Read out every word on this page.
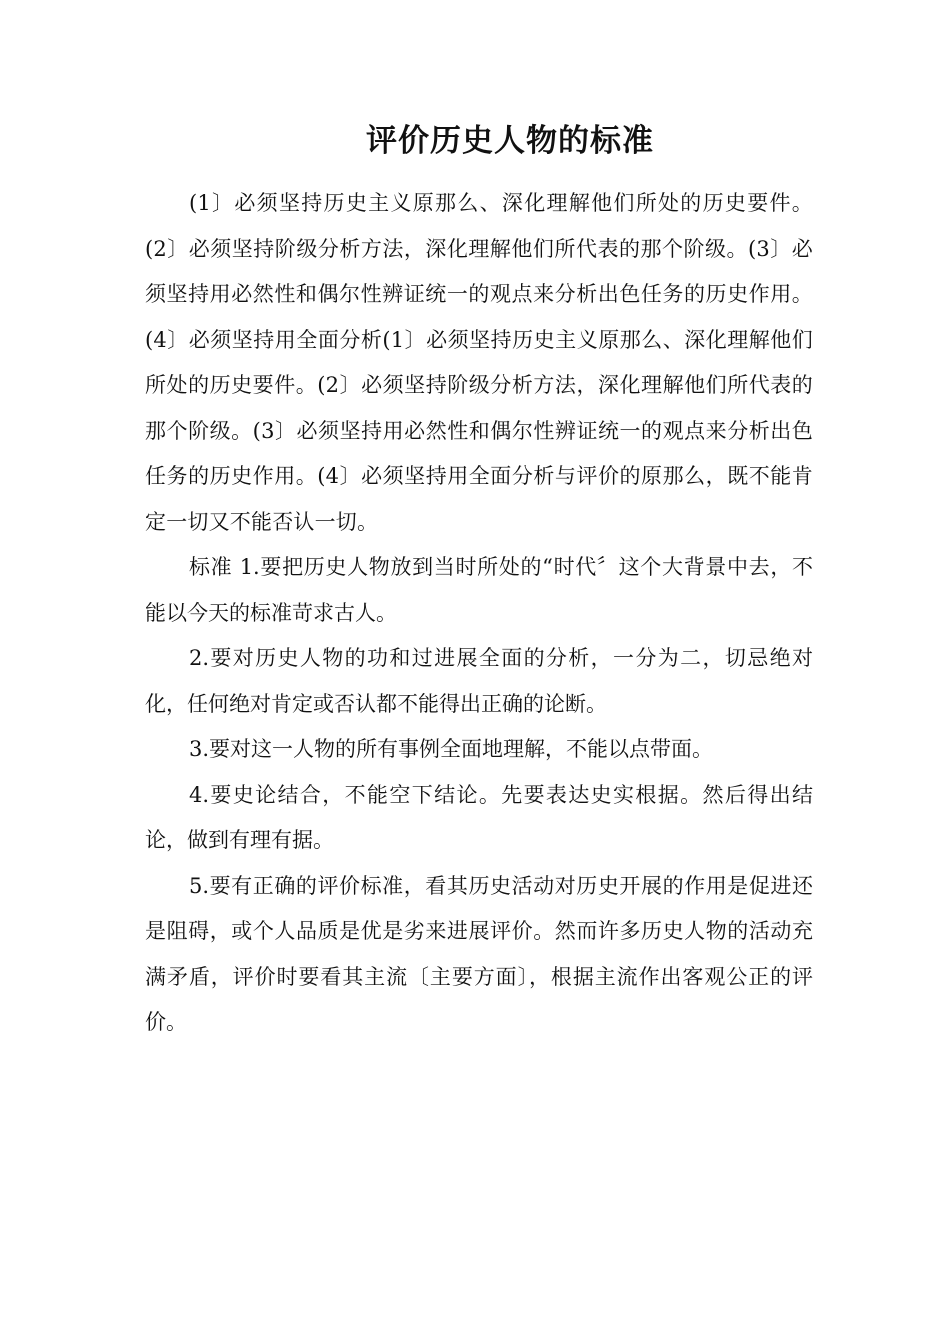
评价历史人物的标准

(1〕必须坚持历史主义原那么、深化理解他们所处的历史要件。(2〕必须坚持阶级分析方法，深化理解他们所代表的那个阶级。(3〕必须坚持用必然性和偶尔性辨证统一的观点来分析出色任务的历史作用。(4〕必须坚持用全面分析(1〕必须坚持历史主义原那么、深化理解他们所处的历史要件。(2〕必须坚持阶级分析方法，深化理解他们所代表的那个阶级。(3〕必须坚持用必然性和偶尔性辨证统一的观点来分析出色任务的历史作用。(4〕必须坚持用全面分析与评价的原那么，既不能肯定一切又不能否认一切。

标准 1.要把历史人物放到当时所处的“时代〞这个大背景中去，不能以今天的标准苛求古人。

2.要对历史人物的功和过进展全面的分析，一分为二，切忌绝对化，任何绝对肯定或否认都不能得出正确的论断。

3.要对这一人物的所有事例全面地理解，不能以点带面。

4.要史论结合，不能空下结论。先要表达史实根据。然后得出结论，做到有理有据。

5.要有正确的评价标准，看其历史活动对历史开展的作用是促进还是阻碍，或个人品质是优是劣来进展评价。然而许多历史人物的活动充满矛盾，评价时要看其主流〔主要方面〕，根据主流作出客观公正的评价。
